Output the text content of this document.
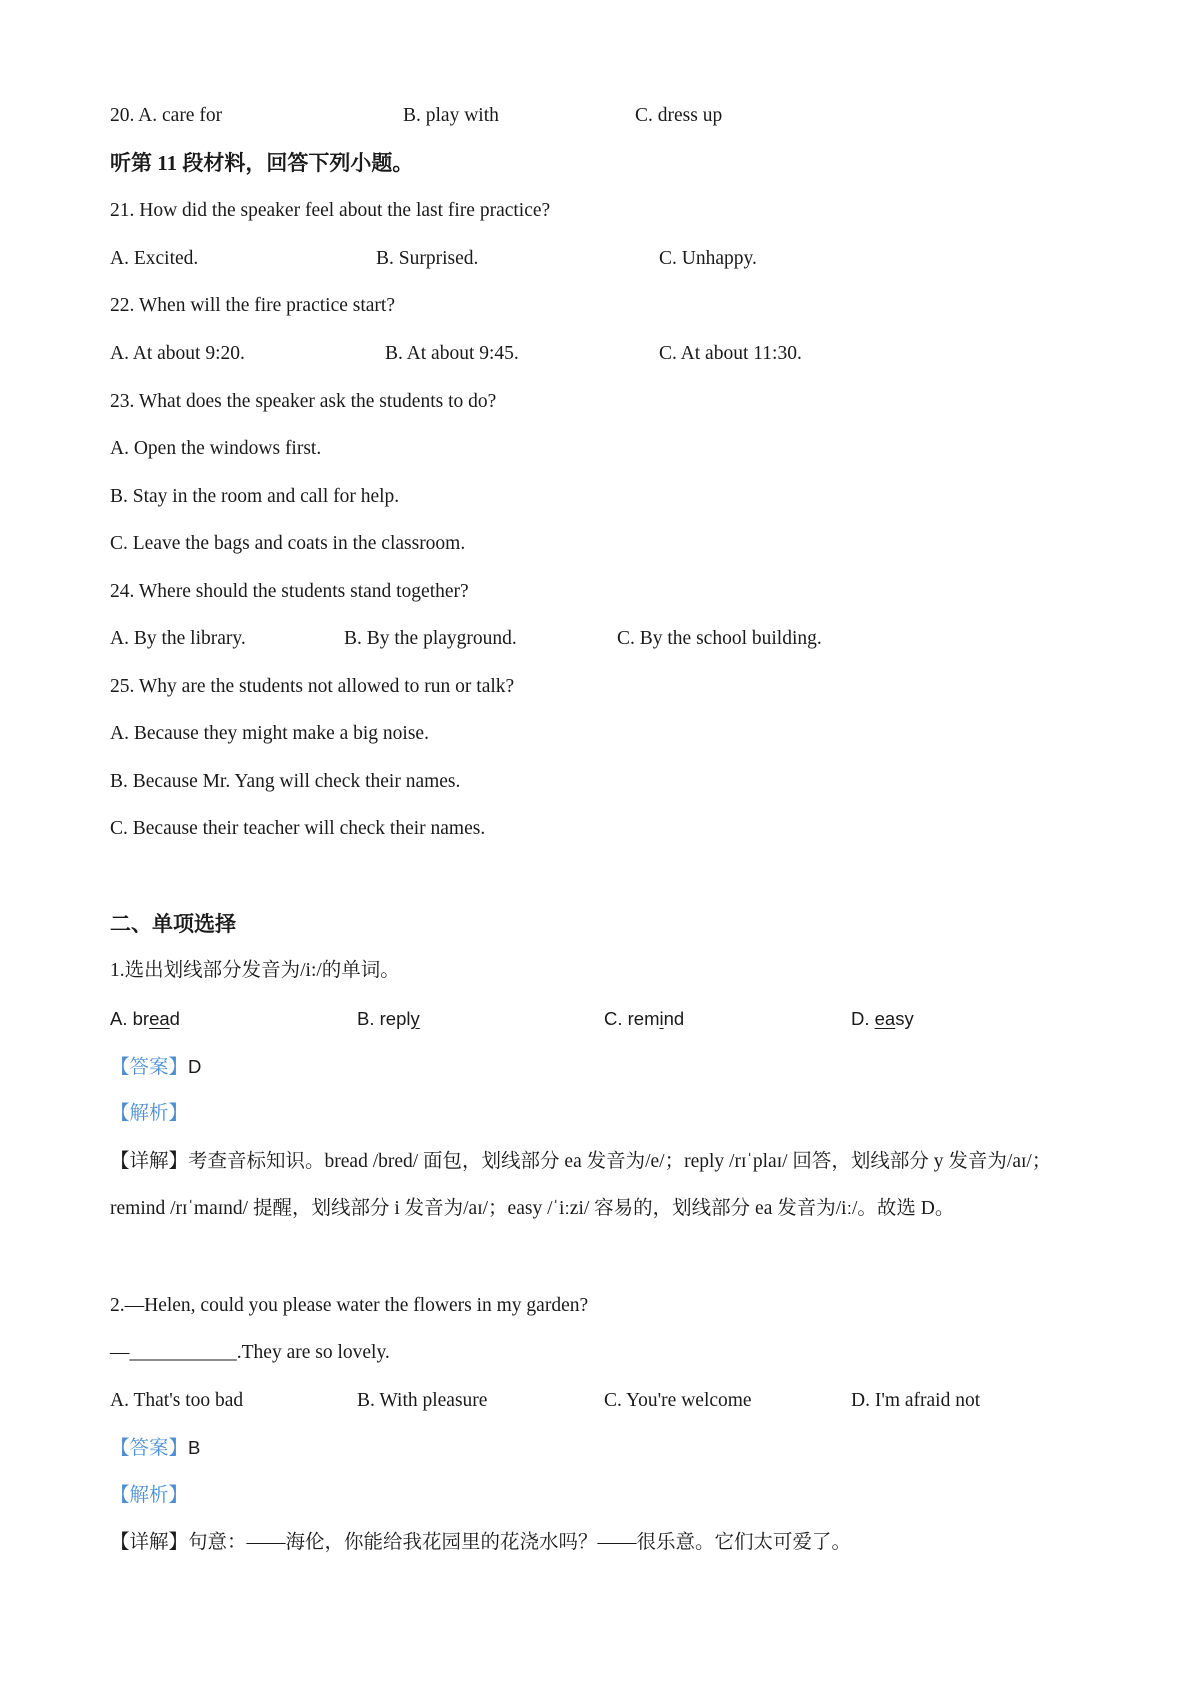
20. A. care for	B. play with	C. dress up
听第 11 段材料，回答下列小题。
21. How did the speaker feel about the last fire practice?
A. Excited.	B. Surprised.	C. Unhappy.
22. When will the fire practice start?
A. At about 9:20.	B. At about 9:45.	C. At about 11:30.
23. What does the speaker ask the students to do?
A. Open the windows first.
B. Stay in the room and call for help.
C. Leave the bags and coats in the classroom.
24. Where should the students stand together?
A. By the library.	B. By the playground.	C. By the school building.
25. Why are the students not allowed to run or talk?
A. Because they might make a big noise.
B. Because Mr. Yang will check their names.
C. Because their teacher will check their names.
二、单项选择
1.选出划线部分发音为/i:/的单词。
A. bread	B. reply	C. remind	D. easy
【答案】D
【解析】
【详解】考查音标知识。bread /bred/ 面包，划线部分 ea 发音为/e/；reply /rɪˈplaɪ/ 回答，划线部分 y 发音为/aɪ/；remind /rɪˈmaɪnd/ 提醒，划线部分 i 发音为/aɪ/；easy /ˈiːzi/ 容易的，划线部分 ea 发音为/iː/。故选 D。
2.—Helen, could you please water the flowers in my garden?
—___________.They are so lovely.
A. That's too bad	B. With pleasure	C. You're welcome	D. I'm afraid not
【答案】B
【解析】
【详解】句意：——海伦，你能给我花园里的花浇水吗？——很乐意。它们太可爱了。
